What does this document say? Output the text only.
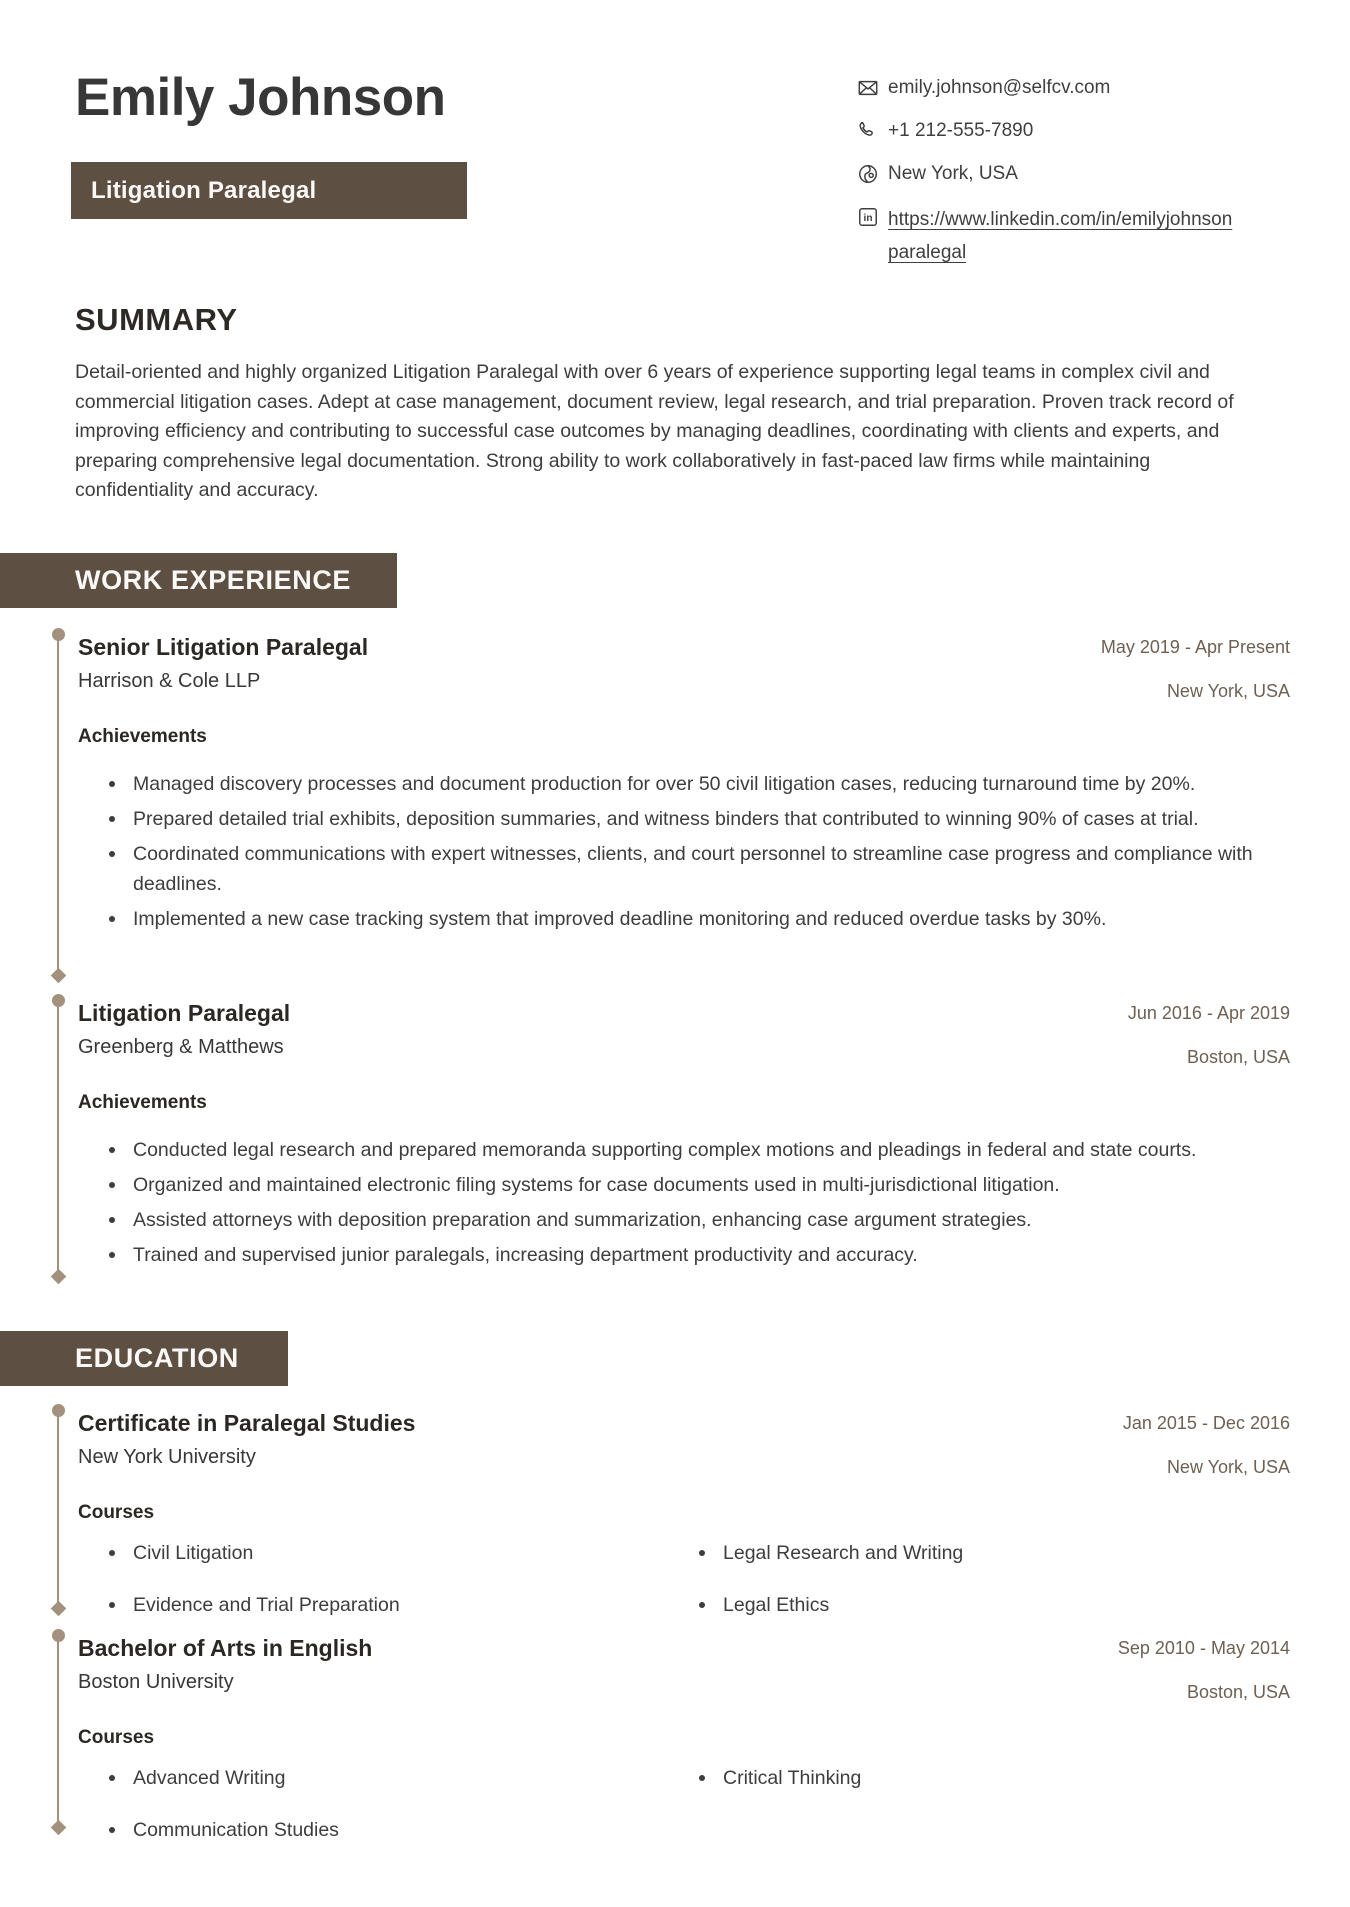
Emily Johnson
Litigation Paralegal
emily.johnson@selfcv.com
+1 212-555-7890
New York, USA
in https://www.linkedin.com/in/emilyjohnson
paralegal
SUMMARY

Detail-oriented and highly organized Litigation Paralegal with over 6 years of experience supporting legal teams in complex civil and commercial litigation cases. Adept at case management, document review, legal research, and trial preparation. Proven track record of improving efficiency and contributing to successful case outcomes by managing deadlines, coordinating with clients and experts, and preparing comprehensive legal documentation. Strong ability to work collaboratively in fast-paced law firms while maintaining confidentiality and accuracy.

WORK EXPERIENCE
Senior Litigation Paralegal	May 2019 - Apr Present
Harrison & Cole LLP	New York, USA
Achievements
Managed discovery processes and document production for over 50 civil litigation cases, reducing turnaround time by 20%.
Prepared detailed trial exhibits, deposition summaries, and witness binders that contributed to winning 90% of cases at trial.
Coordinated communications with expert witnesses, clients, and court personnel to streamline case progress and compliance with deadlines.
Implemented a new case tracking system that improved deadline monitoring and reduced overdue tasks by 30%.
Litigation Paralegal	Jun 2016 - Apr 2019
Greenberg & Matthews	Boston, USA
Achievements
Conducted legal research and prepared memoranda supporting complex motions and pleadings in federal and state courts.
Organized and maintained electronic filing systems for case documents used in multi-jurisdictional litigation.
Assisted attorneys with deposition preparation and summarization, enhancing case argument strategies.
Trained and supervised junior paralegals, increasing department productivity and accuracy.
EDUCATION
Certificate in Paralegal Studies	Jan 2015 - Dec 2016
New York University	New York, USA
Courses
Civil Litigation	Legal Research and Writing
Evidence and Trial Preparation	Legal Ethics
Bachelor of Arts in English	Sep 2010 - May 2014
Boston University	Boston, USA
Courses
Advanced Writing	Critical Thinking
Communication Studies
